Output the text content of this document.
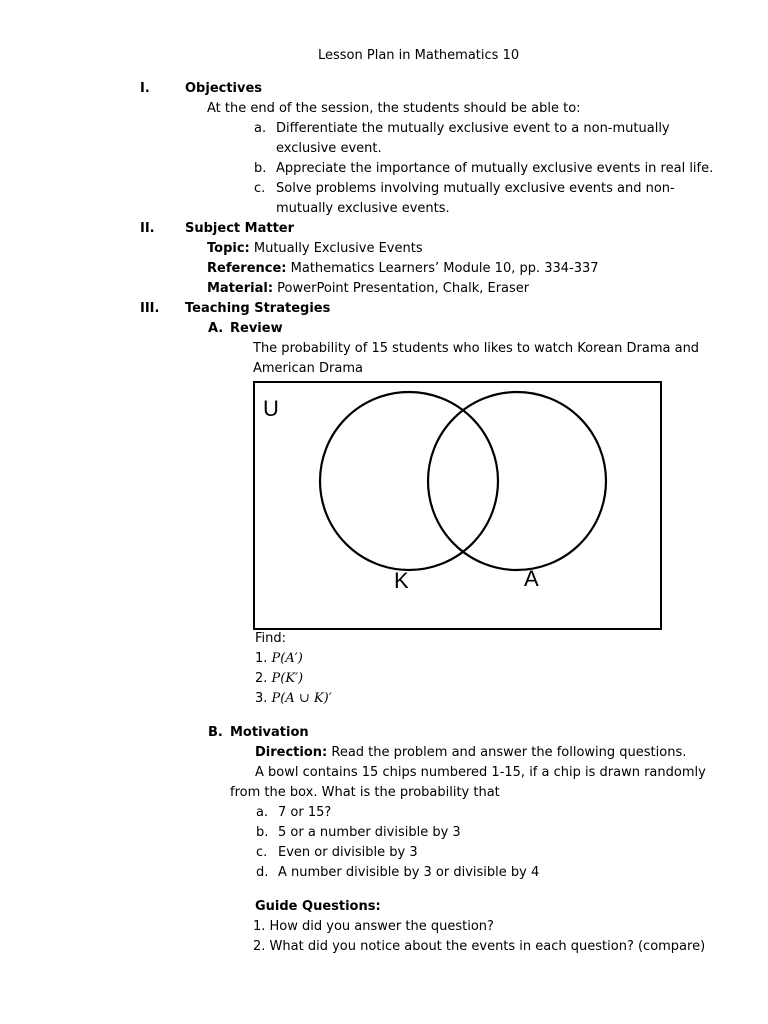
Lesson Plan in Mathematics 10
I.	Objectives
At the end of the session, the students should be able to:
a. Differentiate the mutually exclusive event to a non-mutually
exclusive event.
b. Appreciate the importance of mutually exclusive events in real life.
c. Solve problems involving mutually exclusive events and non-
mutually exclusive events.
II. Subject Matter
Topic: Mutually Exclusive Events
Reference: Mathematics Learners’ Module 10, pp. 334-337
Material: PowerPoint Presentation, Chalk, Eraser
III. Teaching Strategies
A. Review
The probability of 15 students who likes to watch Korean Drama and
American Drama
U
K	A
Find:
1. P(A′)
2. P(K′)
3. P(A ∪ K)′
B. Motivation
Direction: Read the problem and answer the following questions.
A bowl contains 15 chips numbered 1-15, if a chip is drawn randomly
from the box. What is the probability that
a. 7 or 15?
b. 5 or a number divisible by 3
c. Even or divisible by 3
d. A number divisible by 3 or divisible by 4
Guide Questions:
1. How did you answer the question?
2. What did you notice about the events in each question? (compare)
